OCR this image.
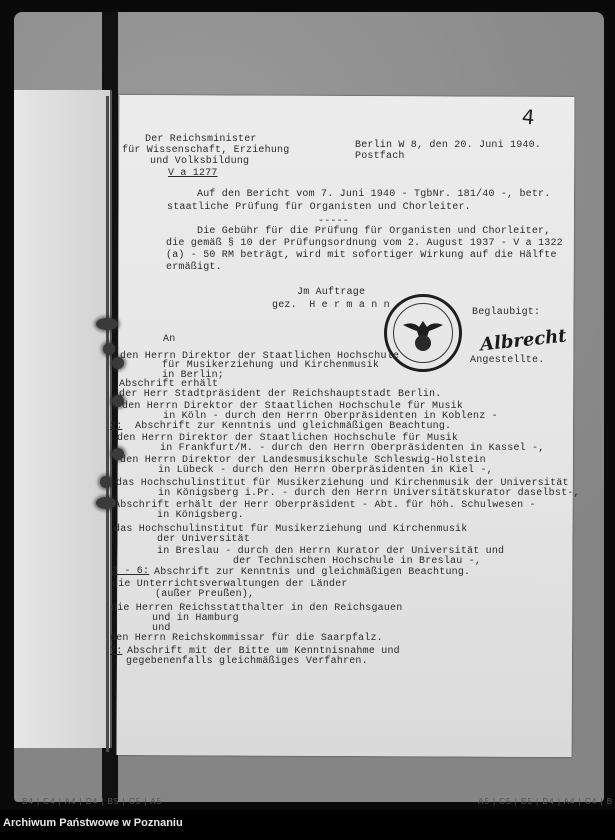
4
Der Reichsminister
für Wissenschaft, Erziehung
und Volksbildung
V a 1277
Berlin W 8, den 20. Juni 1940.
Postfach
Auf den Bericht vom 7. Juni 1940 - TgbNr. 181/40 -, betr.
staatliche Prüfung für Organisten und Chorleiter.
-----
Die Gebühr für die Prüfung für Organisten und Chorleiter,
die gemäß § 10 der Prüfungsordnung vom 2. August 1937 - V a 1322
(a) - 50 RM beträgt, wird mit sofortiger Wirkung auf die Hälfte
ermäßigt.
Jm Auftrage
gez.  H e r m a n n
Beglaubigt:
Albrecht
Angestellte.
An
den Herrn Direktor der Staatlichen Hochschule
für Musikerziehung und Kirchenmusik
in Berlin;
Abschrift erhält
der Herr Stadtpräsident der Reichshauptstadt Berlin.
den Herrn Direktor der Staatlichen Hochschule für Musik
in Köln - durch den Herrn Oberpräsidenten in Koblenz -
2: Abschrift zur Kenntnis und gleichmäßigen Beachtung.
den Herrn Direktor der Staatlichen Hochschule für Musik
in Frankfurt/M. - durch den Herrn Oberpräsidenten in Kassel -,
den Herrn Direktor der Landesmusikschule Schleswig-Holstein
in Lübeck - durch den Herrn Oberpräsidenten in Kiel -,
das Hochschulinstitut für Musikerziehung und Kirchenmusik der Universität
in Königsberg i.Pr. - durch den Herrn Universitätskurator daselbst-,
Abschrift erhält der Herr Oberpräsident - Abt. für höh. Schulwesen -
in Königsberg.
das Hochschulinstitut für Musikerziehung und Kirchenmusik
der Universität
in Breslau - durch den Herrn Kurator der Universität und
der Technischen Hochschule in Breslau -,
3 - 6: Abschrift zur Kenntnis und gleichmäßigen Beachtung.
die Unterrichtsverwaltungen der Länder
(außer Preußen),
die Herren Reichsstatthalter in den Reichsgauen
und in Hamburg
und
den Herrn Reichskommissar für die Saarpfalz.
7: Abschrift mit der Bitte um Kenntnisnahme und
gegebenenfalls gleichmäßiges Verfahren.
B4 | C4 | A4 | D4 | B5 | C5 | A5	A5 | C5 | B5 | D4 | A4 | C4 | B
Archiwum Państwowe w Poznaniu
